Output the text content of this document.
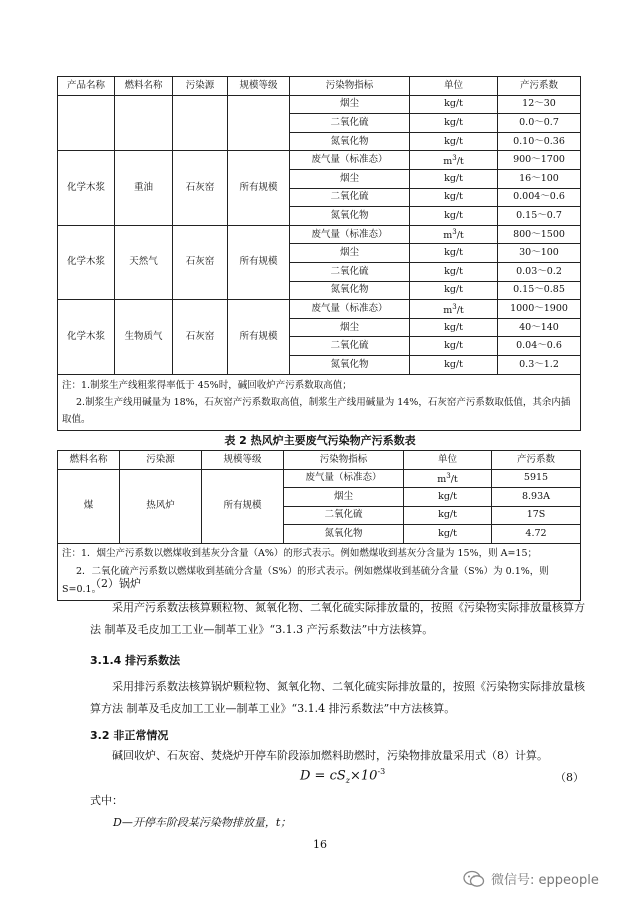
产品名称	燃料名称	污染源	规模等级	污染物指标	单位	产污系数
				烟尘	kg/t	12～30
				二氧化硫	kg/t	0.0～0.7
				氮氧化物	kg/t	0.10～0.36
化学木浆	重油	石灰窑	所有规模	废气量（标准态）	$m^3/t$	900～1700
				烟尘	kg/t	16～100
				二氧化硫	kg/t	0.004～0.6
				氮氧化物	kg/t	0.15～0.7
化学木浆	天然气	石灰窑	所有规模	废气量（标准态）	$m^3/t$	800～1500
				烟尘	kg/t	30～100
				二氧化硫	kg/t	0.03～0.2
				氮氧化物	kg/t	0.15～0.85
化学木浆	生物质气	石灰窑	所有规模	废气量（标准态）	$m^3/t$	1000～1900
				烟尘	kg/t	40～140
				二氧化硫	kg/t	0.04～0.6
				氮氧化物	kg/t	0.3～1.2

注：1.制浆生产线粗浆得率低于 45%时，碱回收炉产污系数取高值；
2.制浆生产线用碱量为 18%，石灰窑产污系数取高值，制浆生产线用碱量为 14%，石灰窑产污系数取低值，其余内插取值。						
表 2 热风炉主要废气污染物产污系数表
燃料名称	污染源	规模等级	污染物指标	单位	产污系数
煤	热风炉	所有规模	废气量（标准态）	$m^3/t$	5915
			烟尘	kg/t	8.93A
			二氧化硫	kg/t	17S
			氮氧化物	kg/t	4.72

注：1．烟尘产污系数以燃煤收到基灰分含量（A%）的形式表示。例如燃煤收到基灰分含量为 15%，则 A=15；
2．二氧化硫产污系数以燃煤收到基硫分含量（S%）的形式表示。例如燃煤收到基硫分含量（S%）为 0.1%，则 S=0.1。					
（2）锅炉
采用产污系数法核算颗粒物、氮氧化物、二氧化硫实际排放量的，按照《污染物实际排放量核算方法 制革及毛皮加工工业—制革工业》“3.1.3 产污系数法”中方法核算。
3.1.4 排污系数法
采用排污系数法核算锅炉颗粒物、氮氧化物、二氧化硫实际排放量的，按照《污染物实际排放量核算方法 制革及毛皮加工工业—制革工业》“3.1.4 排污系数法”中方法核算。
3.2 非正常情况
碱回收炉、石灰窑、焚烧炉开停车阶段添加燃料助燃时，污染物排放量采用式（8）计算。
$D = cS_z\times 10^{-3}$	（8）
式中：
D—开停车阶段某污染物排放量，t；
16
微信号: eppeople
